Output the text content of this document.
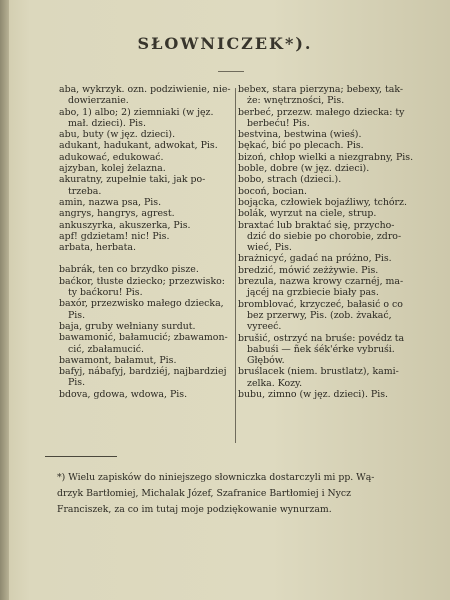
SŁOWNICZEK*).
aba, wykrzyk. ozn. podziwienie, nie-
dowierzanie.
abo, 1) albo; 2) ziemniaki (w jęz.
mał. dzieci). Pis.
abu, buty (w jęz. dzieci).
adukant, hadukant, adwokat, Pis.
adukować, edukować.
ajzyban, kolej żelazna.
akuratny, zupełnie taki, jak po-
trzeba.
amin, nazwa psa, Pis.
angrys, hangrys, agrest.
ankuszyrka, akuszerka, Pis.
apf! gdzietam! nic! Pis.
arbata, herbata.
babrák, ten co brzydko pisze.
baćkor, tłuste dziecko; przezwisko:
ty baćkoru! Pis.
baxór, przezwisko małego dziecka,
Pis.
baja, gruby wełniany surdut.
bawamonić, bałamucić; zbawamon-
cić, zbałamucić.
bawamont, bałamut, Pis.
bafyj, nábafyj, bardziéj, najbardziej
Pis.
bdova, gdowa, wdowa, Pis.
bebex, stara pierzyna; bebexy, tak-
że: wnętrzności, Pis.
berbeć, przezw. małego dziecka: ty
berbeću! Pis.
bestvina, bestwina (wieś).
bękać, bić po plecach. Pis.
bizoń, chłop wielki a niezgrabny, Pis.
boble, dobre (w jęz. dzieci).
bobo, strach (dzieci.).
bocoń, bocian.
bojącka, człowiek bojaźliwy, tchórz.
bolák, wyrzut na ciele, strup.
braxtać lub braktać się, przycho-
dzić do siebie po chorobie, zdro-
wieć, Pis.
brażnicyć, gadać na próżno, Pis.
bredzić, mówić zeżżywie. Pis.
brezula, nazwa krowy czarnéj, ma-
jącéj na grzbiecie biały pas.
bromblovać, krzyczeć, bałasić o co
bez przerwy, Pis. (zob. żvakać,
vyreeć.
brušić, ostrzyć na bruśe: povédz ta
babuśi — ñek śék'érke vybruśi.
Głębów.
bruślacek (niem. brustlatz), kami-
zelka. Kozy.
bubu, zimno (w jęz. dzieci). Pis.
*) Wielu zapisków do niniejszego słowniczka dostarczyli mi pp. Wą-
drzyk Bartłomiej, Michalak Józef, Szafranice Bartłomiej i Nycz
Franciszek, za co im tutaj moje podziękowanie wynurzam.
